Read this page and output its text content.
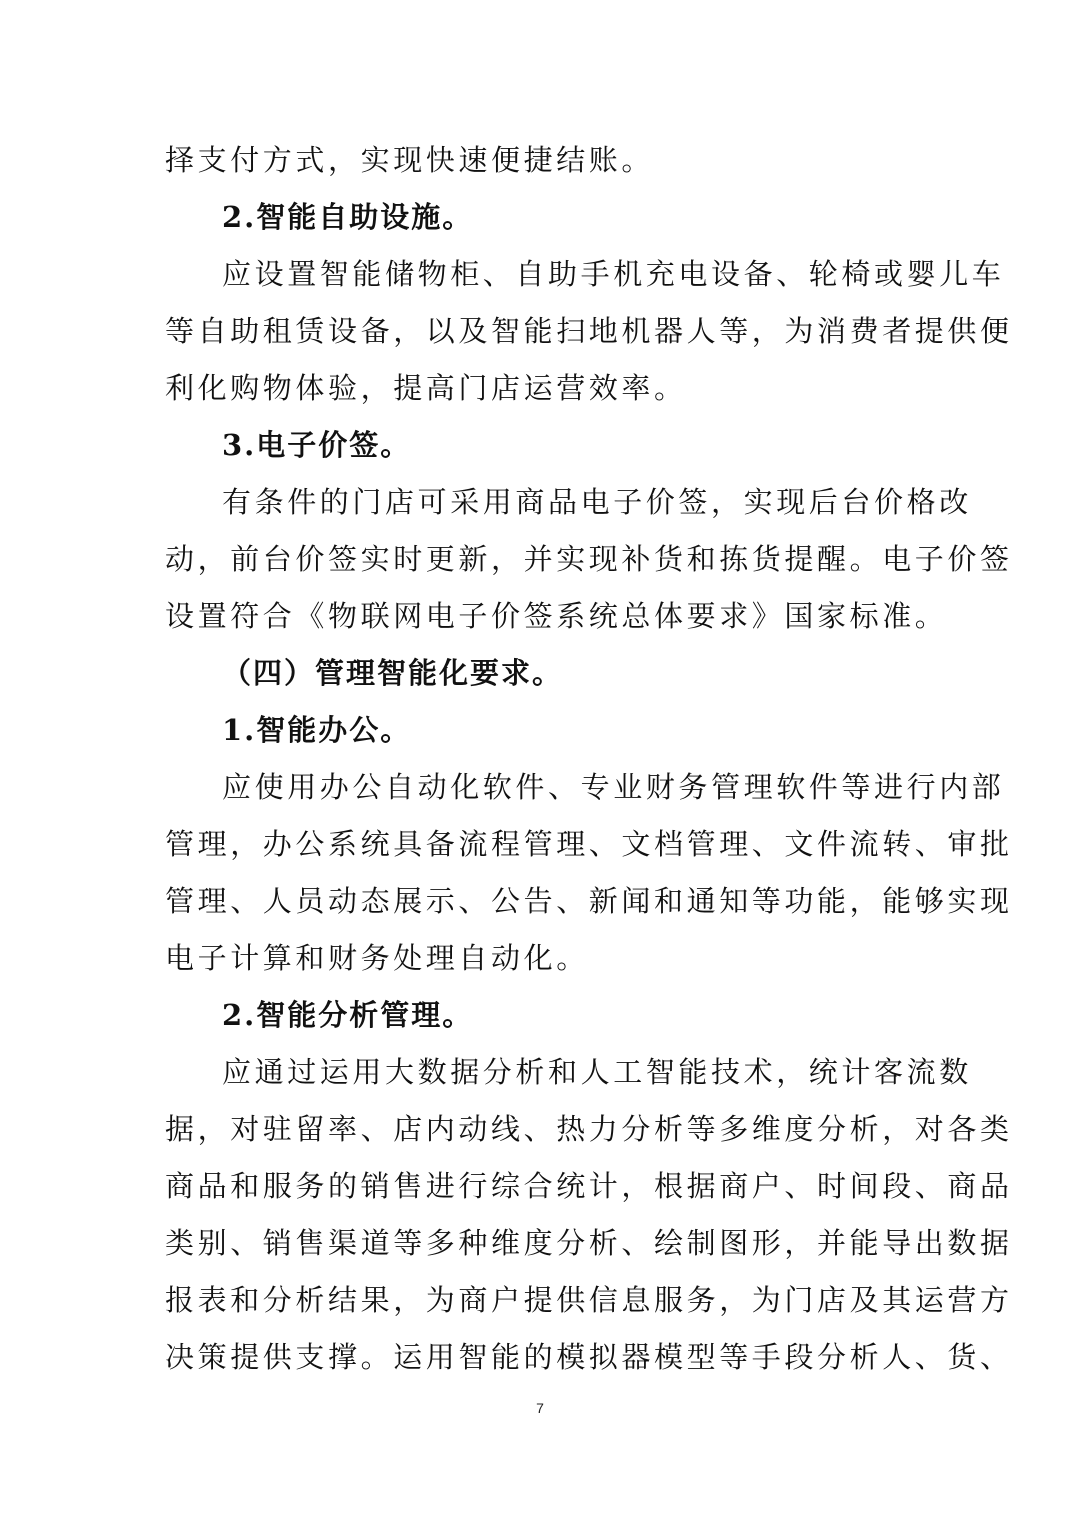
择支付方式，实现快速便捷结账。
2.智能自助设施。
应设置智能储物柜、自助手机充电设备、轮椅或婴儿车
等自助租赁设备，以及智能扫地机器人等，为消费者提供便
利化购物体验，提高门店运营效率。
3.电子价签。
有条件的门店可采用商品电子价签，实现后台价格改
动，前台价签实时更新，并实现补货和拣货提醒。电子价签
设置符合《物联网电子价签系统总体要求》国家标准。
（四）管理智能化要求。
1.智能办公。
应使用办公自动化软件、专业财务管理软件等进行内部
管理，办公系统具备流程管理、文档管理、文件流转、审批
管理、人员动态展示、公告、新闻和通知等功能，能够实现
电子计算和财务处理自动化。
2.智能分析管理。
应通过运用大数据分析和人工智能技术，统计客流数
据，对驻留率、店内动线、热力分析等多维度分析，对各类
商品和服务的销售进行综合统计，根据商户、时间段、商品
类别、销售渠道等多种维度分析、绘制图形，并能导出数据
报表和分析结果，为商户提供信息服务，为门店及其运营方
决策提供支撑。运用智能的模拟器模型等手段分析人、货、
7
